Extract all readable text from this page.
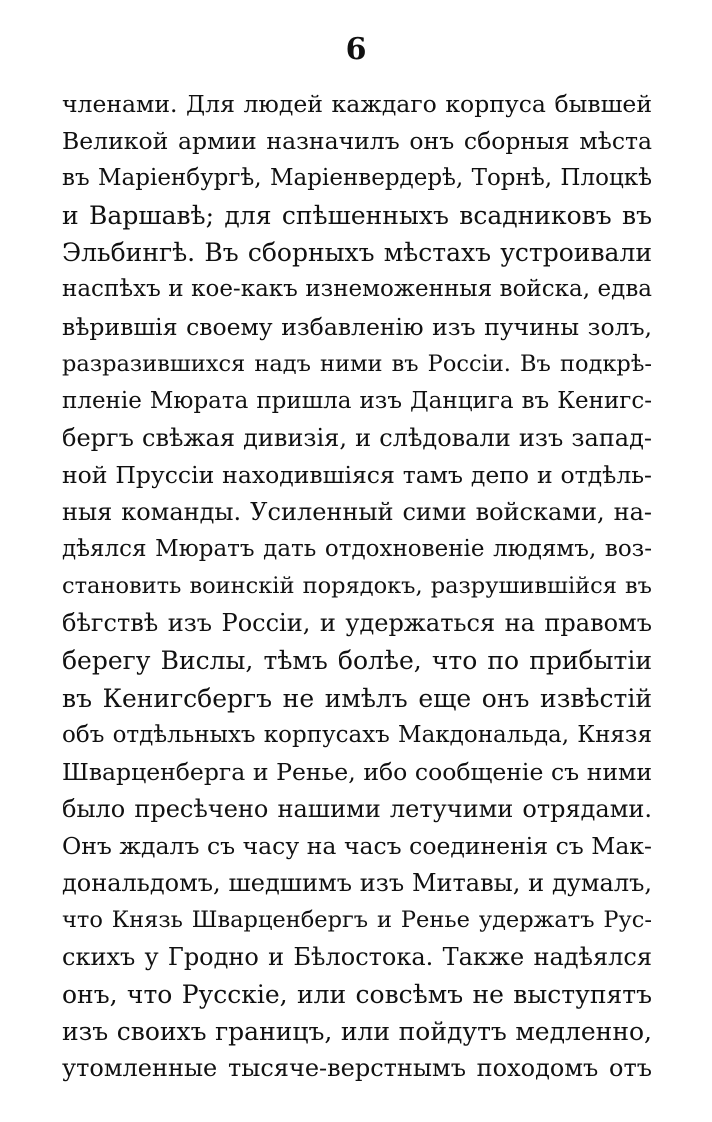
6
членами. Для людей каждаго корпуса бывшей
Великой армии назначилъ онъ сборныя мѣста
въ Маріенбургѣ, Маріенвердерѣ, Торнѣ, Плоцкѣ
и Варшавѣ; для спѣшенныхъ всадниковъ въ
Эльбингѣ. Въ сборныхъ мѣстахъ устроивали
наспѣхъ и кое-какъ изнеможенныя войска, едва
вѣрившія своему избавленію изъ пучины золъ,
разразившихся надъ ними въ Россіи. Въ подкрѣ-
пленіе Мюрата пришла изъ Данцига въ Кенигс-
бергъ свѣжая дивизія, и слѣдовали изъ запад-
ной Пруссіи находившіяся тамъ депо и отдѣль-
ныя команды. Усиленный сими войсками, на-
дѣялся Мюратъ дать отдохновеніе людямъ, воз-
становить воинскій порядокъ, разрушившійся въ
бѣгствѣ изъ Россіи, и удержаться на правомъ
берегу Вислы, тѣмъ болѣе, что по прибытіи
въ Кенигсбергъ не имѣлъ еще онъ извѣстій
объ отдѣльныхъ корпусахъ Макдональда, Князя
Шварценберга и Ренье, ибо сообщеніе съ ними
было пресѣчено нашими летучими отрядами.
Онъ ждалъ съ часу на часъ соединенія съ Мак-
дональдомъ, шедшимъ изъ Митавы, и думалъ,
что Князь Шварценбергъ и Ренье удержатъ Рус-
скихъ у Гродно и Бѣлостока. Также надѣялся
онъ, что Русскіе, или совсѣмъ не выступятъ
изъ своихъ границъ, или пойдутъ медленно,
утомленные тысяче-верстнымъ походомъ отъ
